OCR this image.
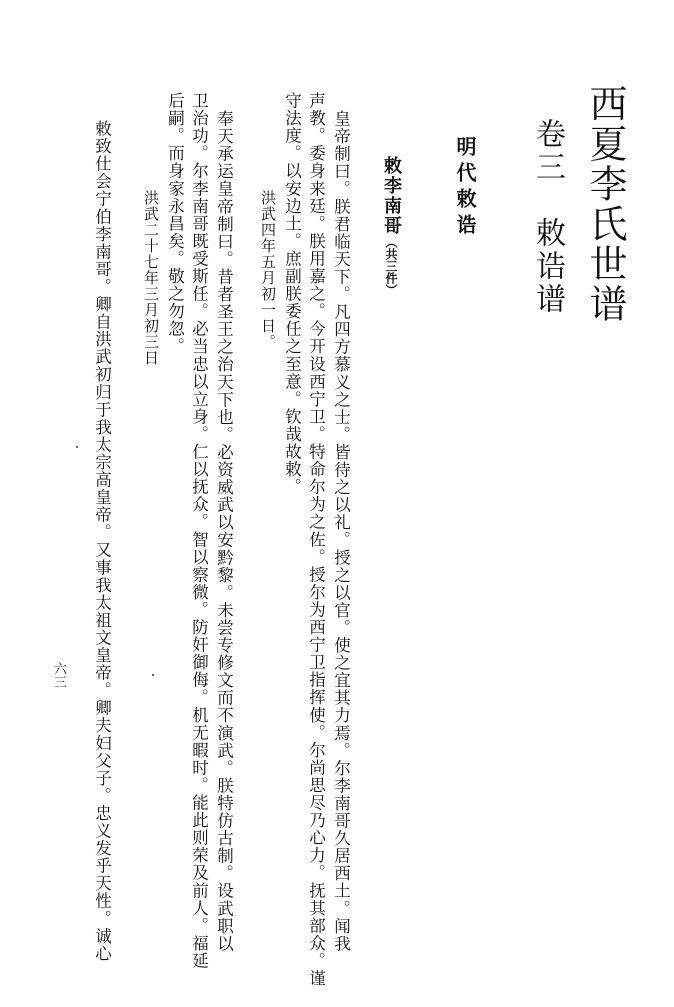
西夏李氏世谱
卷三　敕诰谱
明代敕诰
敕李南哥（共三件）
皇帝制曰。朕君临天下。凡四方慕义之士。皆待之以礼。授之以官。使之宜其力焉。尔李南哥久居西土。闻我
声教。委身来廷。朕用嘉之。今开设西宁卫。特命尔为之佐。授尔为西宁卫指挥使。尔尚思尽乃心力。抚其部众。谨
守法度。以安边土。庶副朕委任之至意。钦哉故敕。
洪武四年五月初一日。
奉天承运皇帝制曰。昔者圣王之治天下也。必资威武以安黔黎。未尝专修文而不演武。朕特仿古制。设武职以
卫治功。尔李南哥既受斯任。必当忠以立身。仁以抚众。智以察微。防奸御侮。机无暇时。能此则荣及前人。福延
后嗣。而身家永昌矣。敬之勿忽。
洪武二十七年三月初三日
敕致仕会宁伯李南哥。卿自洪武初归于我太宗高皇帝。又事我太祖文皇帝。卿夫妇父子。忠义发乎天性。诚心
六三
